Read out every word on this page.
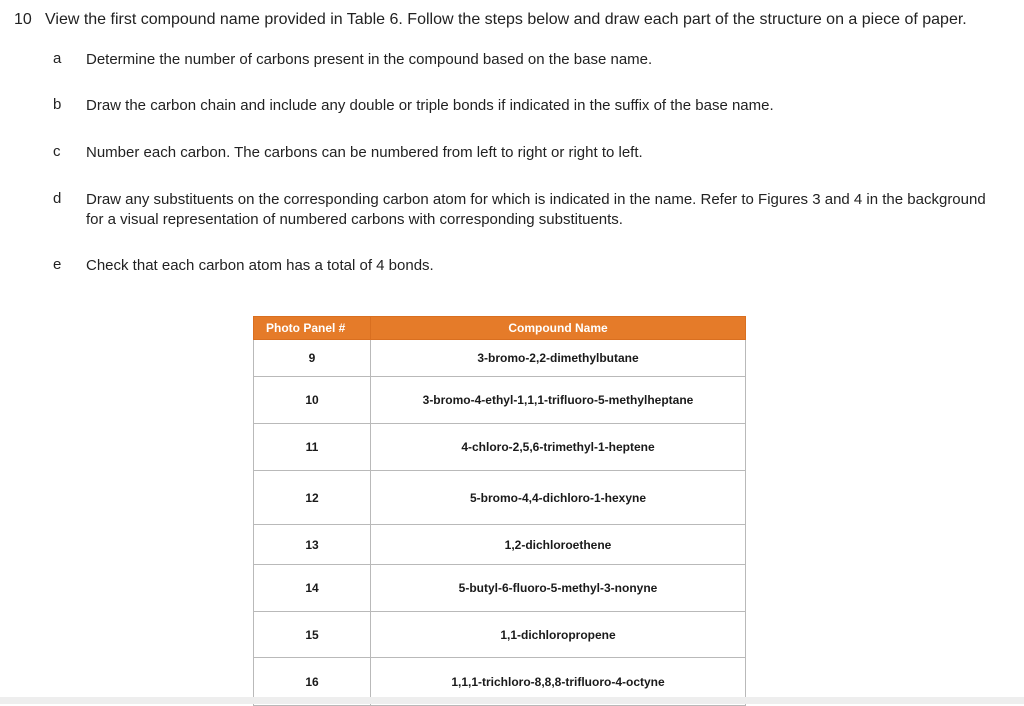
10 View the first compound name provided in Table 6. Follow the steps below and draw each part of the structure on a piece of paper.
a	Determine the number of carbons present in the compound based on the base name.
b	Draw the carbon chain and include any double or triple bonds if indicated in the suffix of the base name.
c	Number each carbon. The carbons can be numbered from left to right or right to left.
d	Draw any substituents on the corresponding carbon atom for which is indicated in the name. Refer to Figures 3 and 4 in the background for a visual representation of numbered carbons with corresponding substituents.
e	Check that each carbon atom has a total of 4 bonds.
Photo Panel #	Compound Name
9	3-bromo-2,2-dimethylbutane
10	3-bromo-4-ethyl-1,1,1-trifluoro-5-methylheptane
11	4-chloro-2,5,6-trimethyl-1-heptene
12	5-bromo-4,4-dichloro-1-hexyne
13	1,2-dichloroethene
14	5-butyl-6-fluoro-5-methyl-3-nonyne
15	1,1-dichloropropene
16	1,1,1-trichloro-8,8,8-trifluoro-4-octyne
